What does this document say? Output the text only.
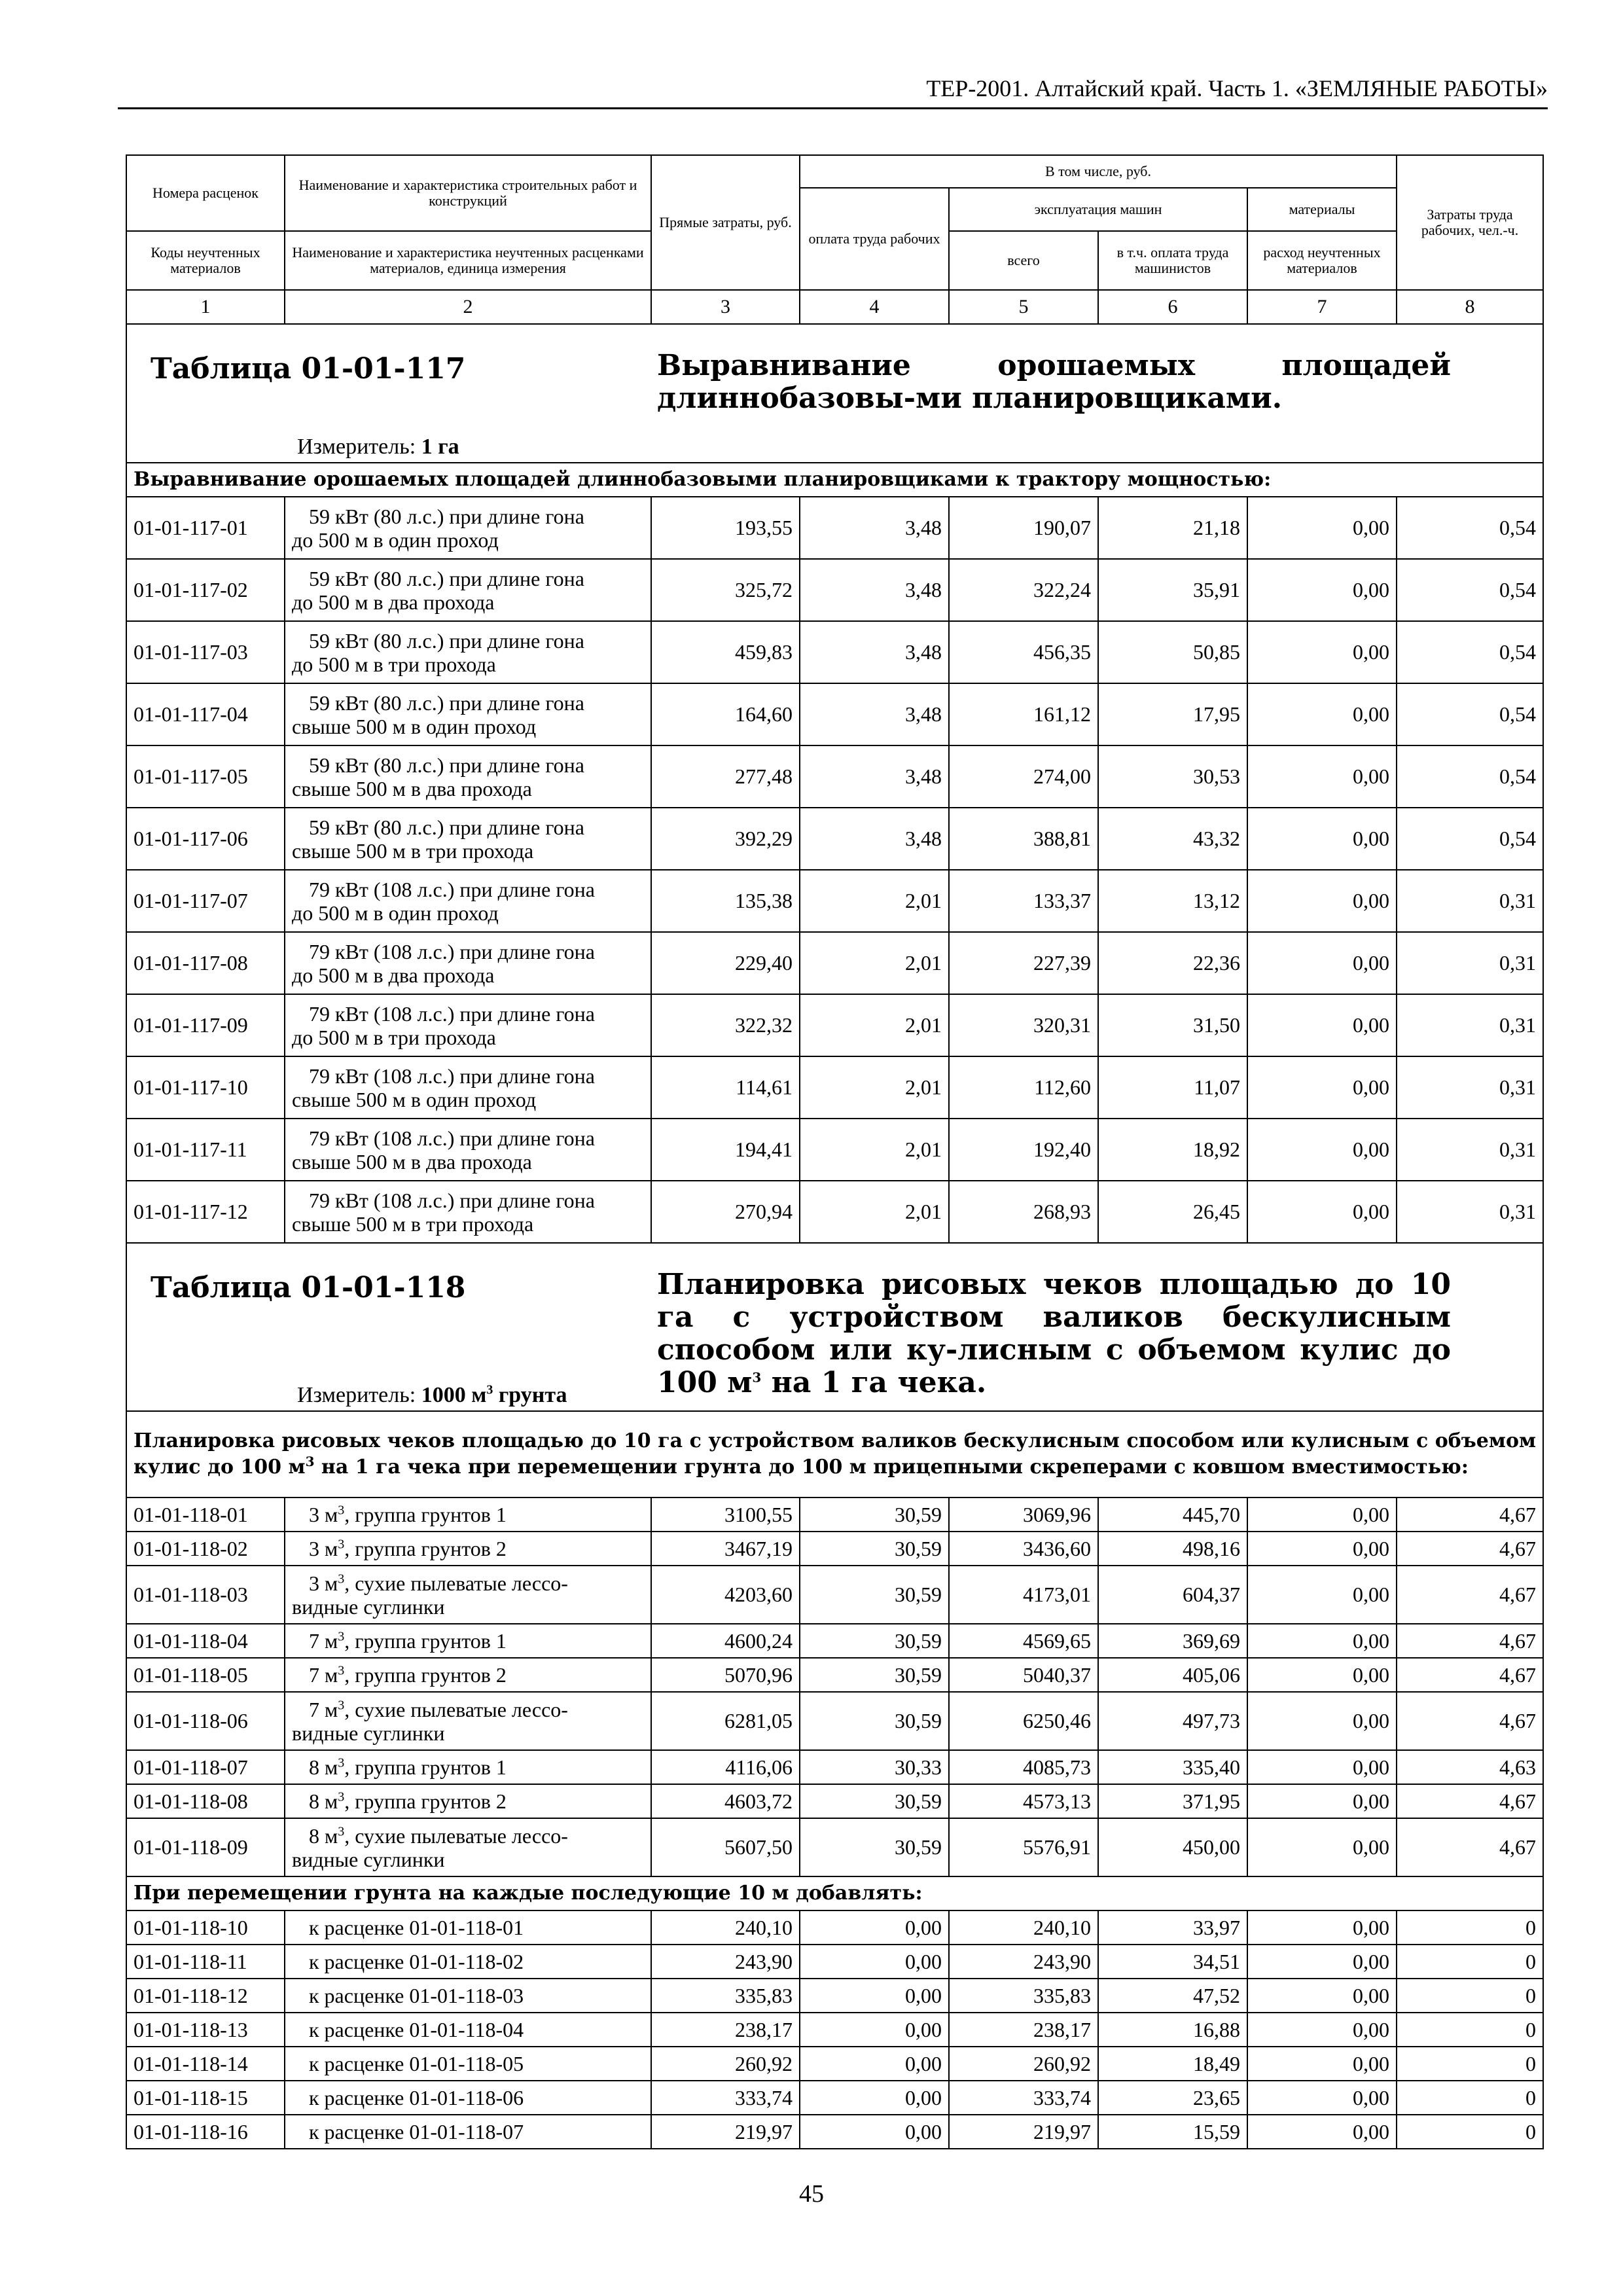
ТЕР-2001. Алтайский край. Часть 1. «ЗЕМЛЯНЫЕ РАБОТЫ»
Номера расценок	Наименование и характеристика строительных работ и конструкций	Прямые затраты, руб.	В том числе, руб.				Затраты труда рабочих, чел.-ч.
			оплата труда рабочих	эксплуатация машин		материалы	
Коды неучтенных материалов	Наименование и характеристика неучтенных расценками материалов, единица измерения			всего	в т.ч. оплата труда машинистов	расход неучтенных материалов	
1	2	3	4	5	6	7	8

Таблица 01-01-117 Выравнивание орошаемых площадей длиннобазовы-ми планировщиками.
Измеритель: 1 га							

Выравнивание орошаемых площадей длиннобазовыми планировщиками к трактору мощностью:							
01-01-117-01	59 кВт (80 л.с.) при длине гона
до 500 м в один проход	193,55	3,48	190,07	21,18	0,00	0,54
01-01-117-02	59 кВт (80 л.с.) при длине гона
до 500 м в два прохода	325,72	3,48	322,24	35,91	0,00	0,54
01-01-117-03	59 кВт (80 л.с.) при длине гона
до 500 м в три прохода	459,83	3,48	456,35	50,85	0,00	0,54
01-01-117-04	59 кВт (80 л.с.) при длине гона
свыше 500 м в один проход	164,60	3,48	161,12	17,95	0,00	0,54
01-01-117-05	59 кВт (80 л.с.) при длине гона
свыше 500 м в два прохода	277,48	3,48	274,00	30,53	0,00	0,54
01-01-117-06	59 кВт (80 л.с.) при длине гона
свыше 500 м в три прохода	392,29	3,48	388,81	43,32	0,00	0,54
01-01-117-07	79 кВт (108 л.с.) при длине гона
до 500 м в один проход	135,38	2,01	133,37	13,12	0,00	0,31
01-01-117-08	79 кВт (108 л.с.) при длине гона
до 500 м в два прохода	229,40	2,01	227,39	22,36	0,00	0,31
01-01-117-09	79 кВт (108 л.с.) при длине гона
до 500 м в три прохода	322,32	2,01	320,31	31,50	0,00	0,31
01-01-117-10	79 кВт (108 л.с.) при длине гона
свыше 500 м в один проход	114,61	2,01	112,60	11,07	0,00	0,31
01-01-117-11	79 кВт (108 л.с.) при длине гона
свыше 500 м в два прохода	194,41	2,01	192,40	18,92	0,00	0,31
01-01-117-12	79 кВт (108 л.с.) при длине гона
свыше 500 м в три прохода	270,94	2,01	268,93	26,45	0,00	0,31

Таблица 01-01-118 Планировка рисовых чеков площадью до 10 га с устройством валиков бескулисным способом или ку-лисным с объемом кулис до 100 $м^3$ на 1 га чека.
Измеритель: 1000 $м^3$ грунта							

Планировка рисовых чеков площадью до 10 га с устройством валиков бескулисным способом или кулисным с объемом кулис до 100 $м^3$ на 1 га чека при перемещении грунта до 100 м прицепными скреперами с ковшом вместимостью:							
01-01-118-01	3 $м^3$, группа грунтов 1	3100,55	30,59	3069,96	445,70	0,00	4,67
01-01-118-02	3 $м^3$, группа грунтов 2	3467,19	30,59	3436,60	498,16	0,00	4,67
01-01-118-03	3 $м^3$, сухие пылеватые лессо-
видные суглинки	4203,60	30,59	4173,01	604,37	0,00	4,67
01-01-118-04	7 $м^3$, группа грунтов 1	4600,24	30,59	4569,65	369,69	0,00	4,67
01-01-118-05	7 $м^3$, группа грунтов 2	5070,96	30,59	5040,37	405,06	0,00	4,67
01-01-118-06	7 $м^3$, сухие пылеватые лессо-
видные суглинки	6281,05	30,59	6250,46	497,73	0,00	4,67
01-01-118-07	8 $м^3$, группа грунтов 1	4116,06	30,33	4085,73	335,40	0,00	4,63
01-01-118-08	8 $м^3$, группа грунтов 2	4603,72	30,59	4573,13	371,95	0,00	4,67
01-01-118-09	8 $м^3$, сухие пылеватые лессо-
видные суглинки	5607,50	30,59	5576,91	450,00	0,00	4,67
При перемещении грунта на каждые последующие 10 м добавлять:							
01-01-118-10	к расценке 01-01-118-01	240,10	0,00	240,10	33,97	0,00	0
01-01-118-11	к расценке 01-01-118-02	243,90	0,00	243,90	34,51	0,00	0
01-01-118-12	к расценке 01-01-118-03	335,83	0,00	335,83	47,52	0,00	0
01-01-118-13	к расценке 01-01-118-04	238,17	0,00	238,17	16,88	0,00	0
01-01-118-14	к расценке 01-01-118-05	260,92	0,00	260,92	18,49	0,00	0
01-01-118-15	к расценке 01-01-118-06	333,74	0,00	333,74	23,65	0,00	0
01-01-118-16	к расценке 01-01-118-07	219,97	0,00	219,97	15,59	0,00	0
45
